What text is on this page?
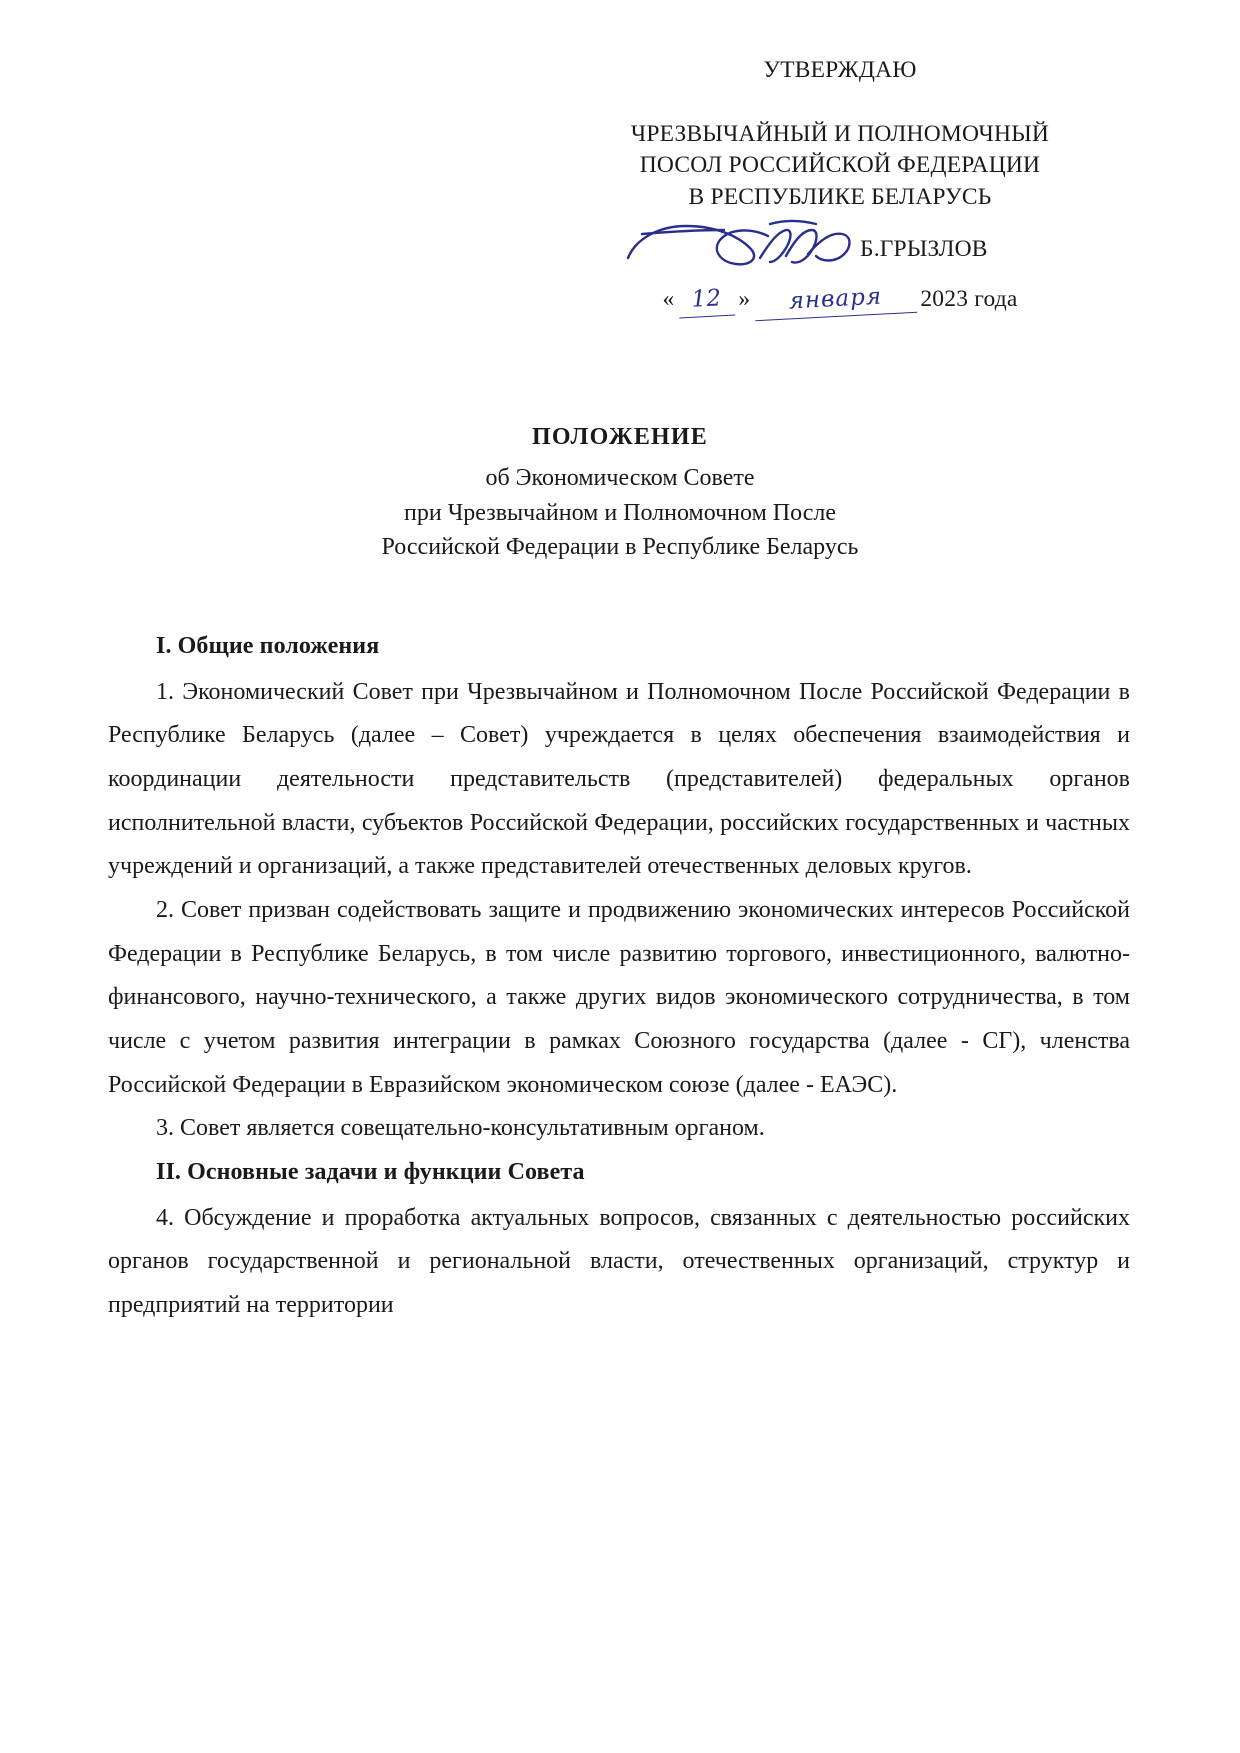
УТВЕРЖДАЮ
ЧРЕЗВЫЧАЙНЫЙ И ПОЛНОМОЧНЫЙ
ПОСОЛ РОССИЙСКОЙ ФЕДЕРАЦИИ
В РЕСПУБЛИКЕ БЕЛАРУСЬ
Б.ГРЫЗЛОВ
« 12 »	января	2023 года
ПОЛОЖЕНИЕ
об Экономическом Совете
при Чрезвычайном и Полномочном После
Российской Федерации в Республике Беларусь

I. Общие положения

1. Экономический Совет при Чрезвычайном и Полномочном После Российской Федерации в Республике Беларусь (далее – Совет) учреждается в целях обеспечения взаимодействия и координации деятельности представительств (представителей) федеральных органов исполнительной власти, субъектов Российской Федерации, российских государственных и частных учреждений и организаций, а также представителей отечественных деловых кругов.

2. Совет призван содействовать защите и продвижению экономических интересов Российской Федерации в Республике Беларусь, в том числе развитию торгового, инвестиционного, валютно-финансового, научно-технического, а также других видов экономического сотрудничества, в том числе с учетом развития интеграции в рамках Союзного государства (далее - СГ), членства Российской Федерации в Евразийском экономическом союзе (далее - ЕАЭС).

3. Совет является совещательно-консультативным органом.

II. Основные задачи и функции Совета

4. Обсуждение и проработка актуальных вопросов, связанных с деятельностью российских органов государственной и региональной власти, отечественных организаций, структур и предприятий на территории
